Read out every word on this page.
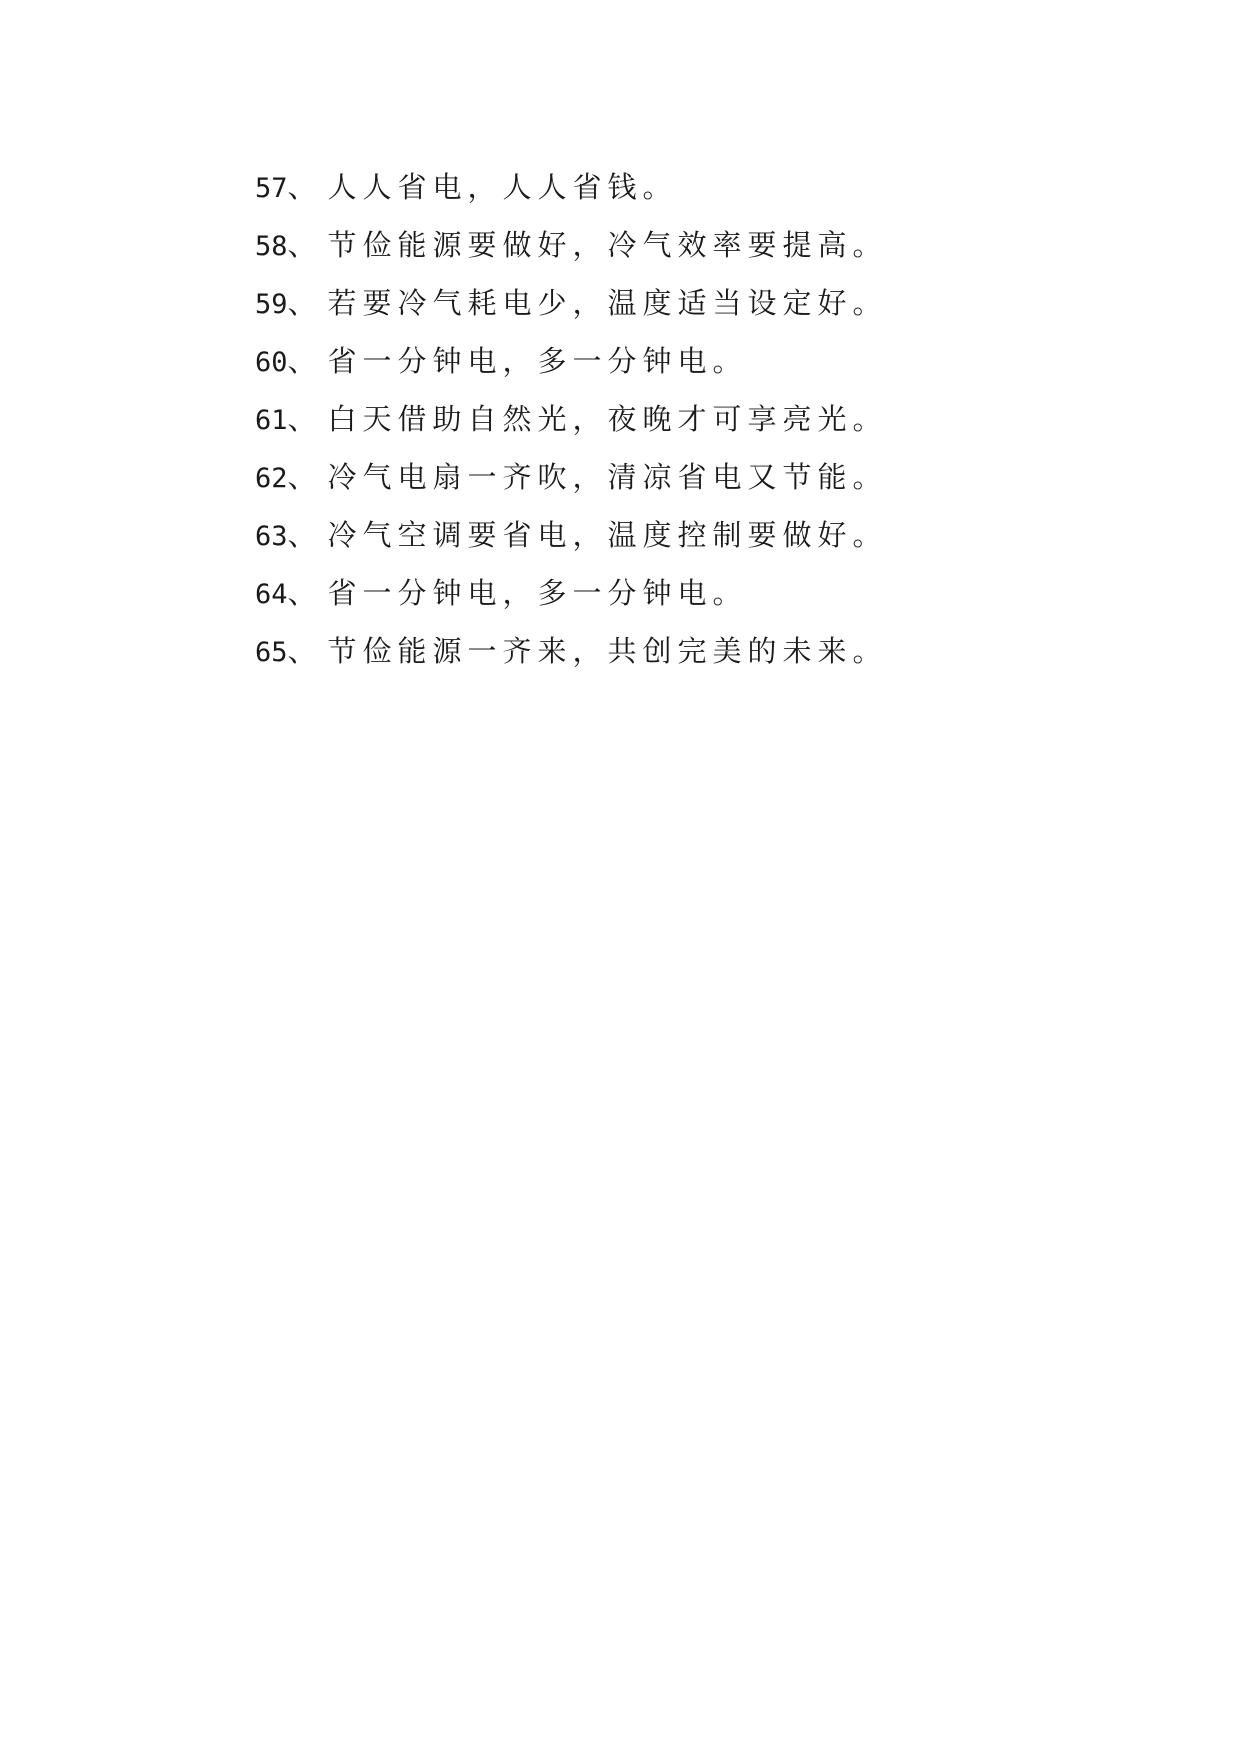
57 、 人人省电，人人省钱。
58 、 节俭能源要做好，冷气效率要提高。
59 、 若要冷气耗电少，温度适当设定好。
60 、 省一分钟电，多一分钟电。
61 、 白天借助自然光，夜晚才可享亮光。
62 、 冷气电扇一齐吹，清凉省电又节能。
63 、 冷气空调要省电，温度控制要做好。
64 、 省一分钟电，多一分钟电。
65 、 节俭能源一齐来，共创完美的未来。
